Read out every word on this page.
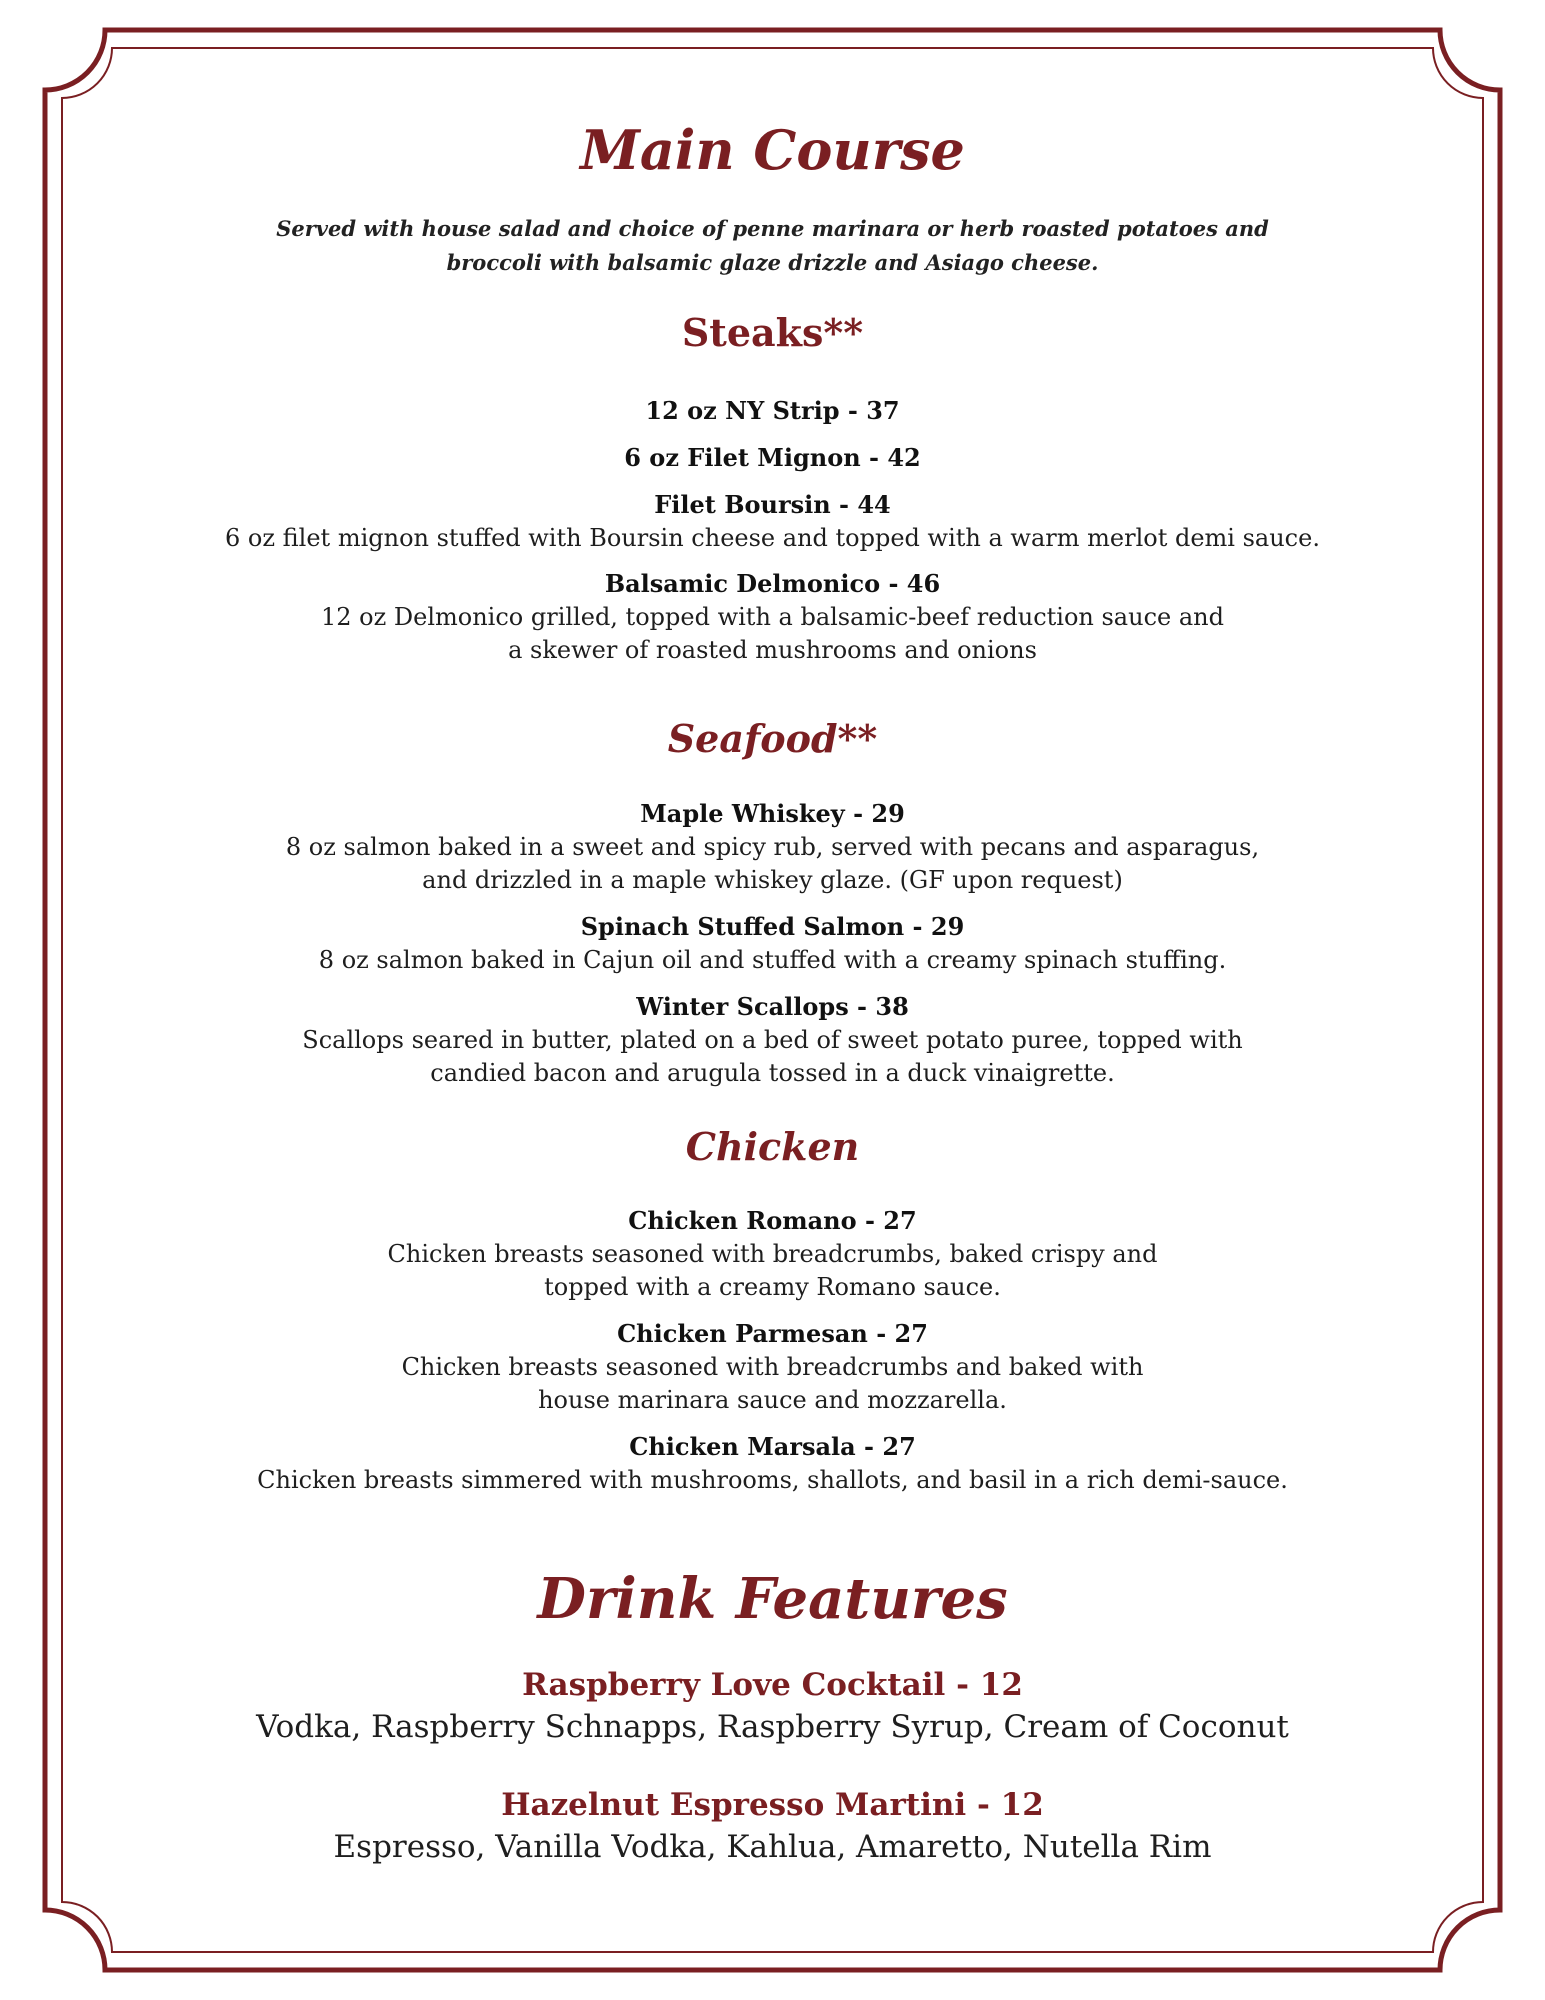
Main Course
Served with house salad and choice of penne marinara or herb roasted potatoes and
broccoli with balsamic glaze drizzle and Asiago cheese.
Steaks**
12 oz NY Strip - 37
6 oz Filet Mignon - 42
Filet Boursin - 44
6 oz filet mignon stuffed with Boursin cheese and topped with a warm merlot demi sauce.
Balsamic Delmonico - 46
12 oz Delmonico grilled, topped with a balsamic-beef reduction sauce and
a skewer of roasted mushrooms and onions
Seafood**
Maple Whiskey - 29
8 oz salmon baked in a sweet and spicy rub, served with pecans and asparagus,
and drizzled in a maple whiskey glaze. (GF upon request)
Spinach Stuffed Salmon - 29
8 oz salmon baked in Cajun oil and stuffed with a creamy spinach stuffing.
Winter Scallops - 38
Scallops seared in butter, plated on a bed of sweet potato puree, topped with
candied bacon and arugula tossed in a duck vinaigrette.
Chicken
Chicken Romano - 27
Chicken breasts seasoned with breadcrumbs, baked crispy and
topped with a creamy Romano sauce.
Chicken Parmesan - 27
Chicken breasts seasoned with breadcrumbs and baked with
house marinara sauce and mozzarella.
Chicken Marsala - 27
Chicken breasts simmered with mushrooms, shallots, and basil in a rich demi-sauce.
Drink Features
Raspberry Love Cocktail - 12
Vodka, Raspberry Schnapps, Raspberry Syrup, Cream of Coconut
Hazelnut Espresso Martini - 12
Espresso, Vanilla Vodka, Kahlua, Amaretto, Nutella Rim
